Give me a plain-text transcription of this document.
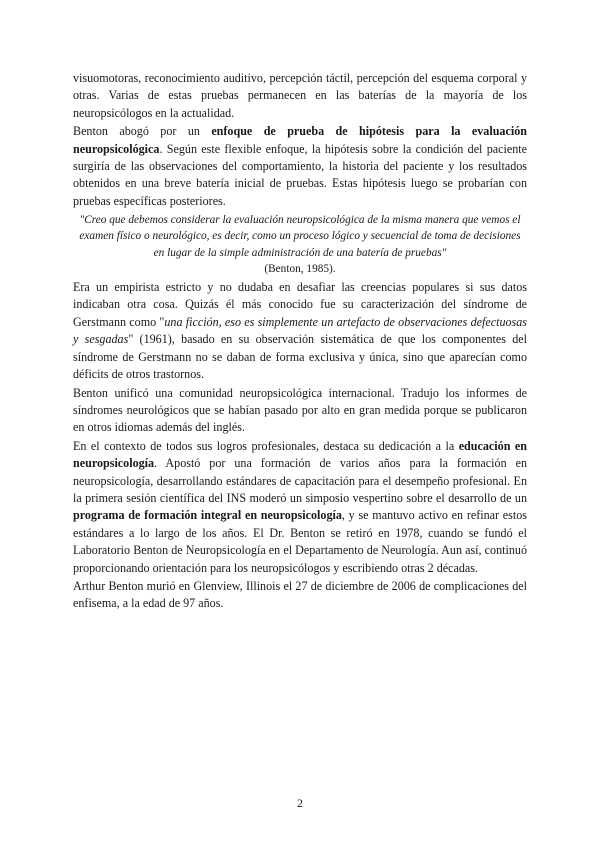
visuomotoras, reconocimiento auditivo, percepción táctil, percepción del esquema corporal y otras. Varias de estas pruebas permanecen en las baterías de la mayoría de los neuropsicólogos en la actualidad.

Benton abogó por un enfoque de prueba de hipótesis para la evaluación neuropsicológica. Según este flexible enfoque, la hipótesis sobre la condición del paciente surgiría de las observaciones del comportamiento, la historia del paciente y los resultados obtenidos en una breve batería inicial de pruebas. Estas hipótesis luego se probarían con pruebas específicas posteriores.

"Creo que debemos considerar la evaluación neuropsicológica de la misma manera que vemos el examen físico o neurológico, es decir, como un proceso lógico y secuencial de toma de decisiones en lugar de la simple administración de una batería de pruebas"
(Benton, 1985).

Era un empirista estricto y no dudaba en desafiar las creencias populares si sus datos indicaban otra cosa. Quizás él más conocido fue su caracterización del síndrome de Gerstmann como "una ficción, eso es simplemente un artefacto de observaciones defectuosas y sesgadas" (1961), basado en su observación sistemática de que los componentes del síndrome de Gerstmann no se daban de forma exclusiva y única, sino que aparecían como déficits de otros trastornos.

Benton unificó una comunidad neuropsicológica internacional. Tradujo los informes de síndromes neurológicos que se habían pasado por alto en gran medida porque se publicaron en otros idiomas además del inglés.

En el contexto de todos sus logros profesionales, destaca su dedicación a la educación en neuropsicología. Apostó por una formación de varios años para la formación en neuropsicología, desarrollando estándares de capacitación para el desempeño profesional. En la primera sesión científica del INS moderó un simposio vespertino sobre el desarrollo de un programa de formación integral en neuropsicología, y se mantuvo activo en refinar estos estándares a lo largo de los años. El Dr. Benton se retiró en 1978, cuando se fundó el Laboratorio Benton de Neuropsicología en el Departamento de Neurología. Aun así, continuó proporcionando orientación para los neuropsicólogos y escribiendo otras 2 décadas.

Arthur Benton murió en Glenview, Illinois el 27 de diciembre de 2006 de complicaciones del enfisema, a la edad de 97 años.

2
